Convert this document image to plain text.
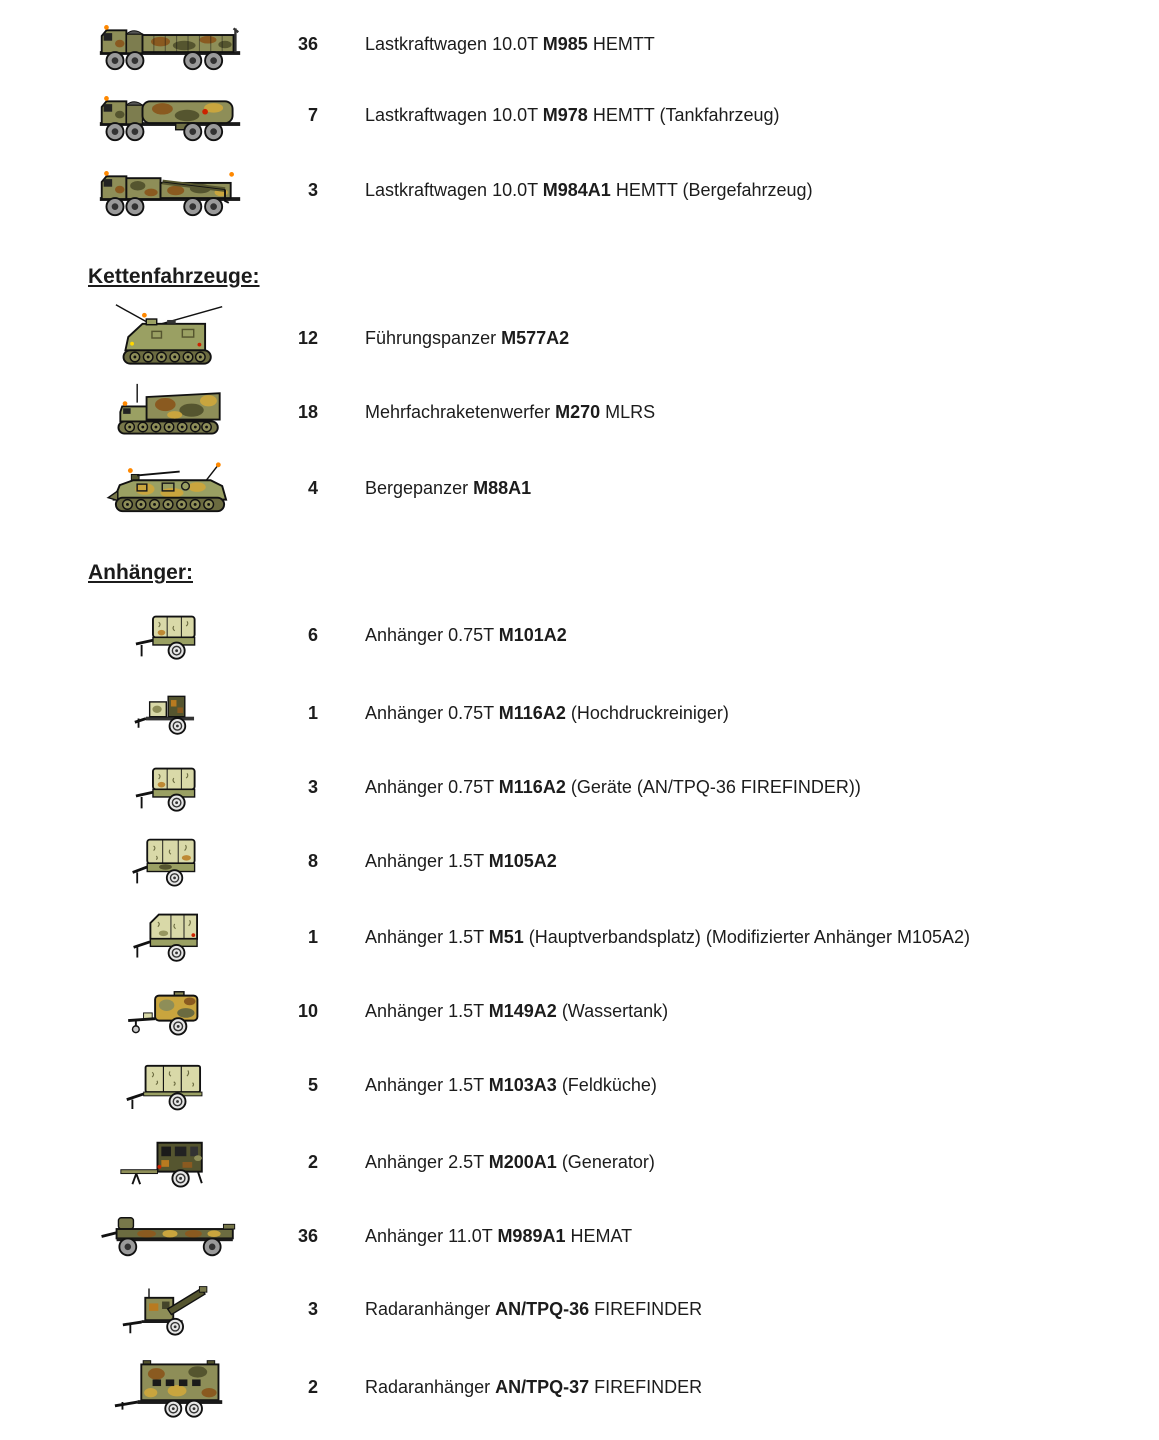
36	Lastkraftwagen 10.0T M985 HEMTT
7	Lastkraftwagen 10.0T M978 HEMTT (Tankfahrzeug)
3	Lastkraftwagen 10.0T M984A1 HEMTT (Bergefahrzeug)
Kettenfahrzeuge:
12	Führungspanzer M577A2
18	Mehrfachraketenwerfer M270 MLRS
4	Bergepanzer M88A1
Anhänger:
6	Anhänger 0.75T M101A2
1	Anhänger 0.75T M116A2 (Hochdruckreiniger)
3	Anhänger 0.75T M116A2 (Geräte (AN/TPQ-36 FIREFINDER))
8	Anhänger 1.5T M105A2
1	Anhänger 1.5T M51 (Hauptverbandsplatz) (Modifizierter Anhänger M105A2)
10	Anhänger 1.5T M149A2 (Wassertank)
5	Anhänger 1.5T M103A3 (Feldküche)
2	Anhänger 2.5T M200A1 (Generator)
36	Anhänger 11.0T M989A1 HEMAT
3	Radaranhänger AN/TPQ-36 FIREFINDER
2	Radaranhänger AN/TPQ-37 FIREFINDER
